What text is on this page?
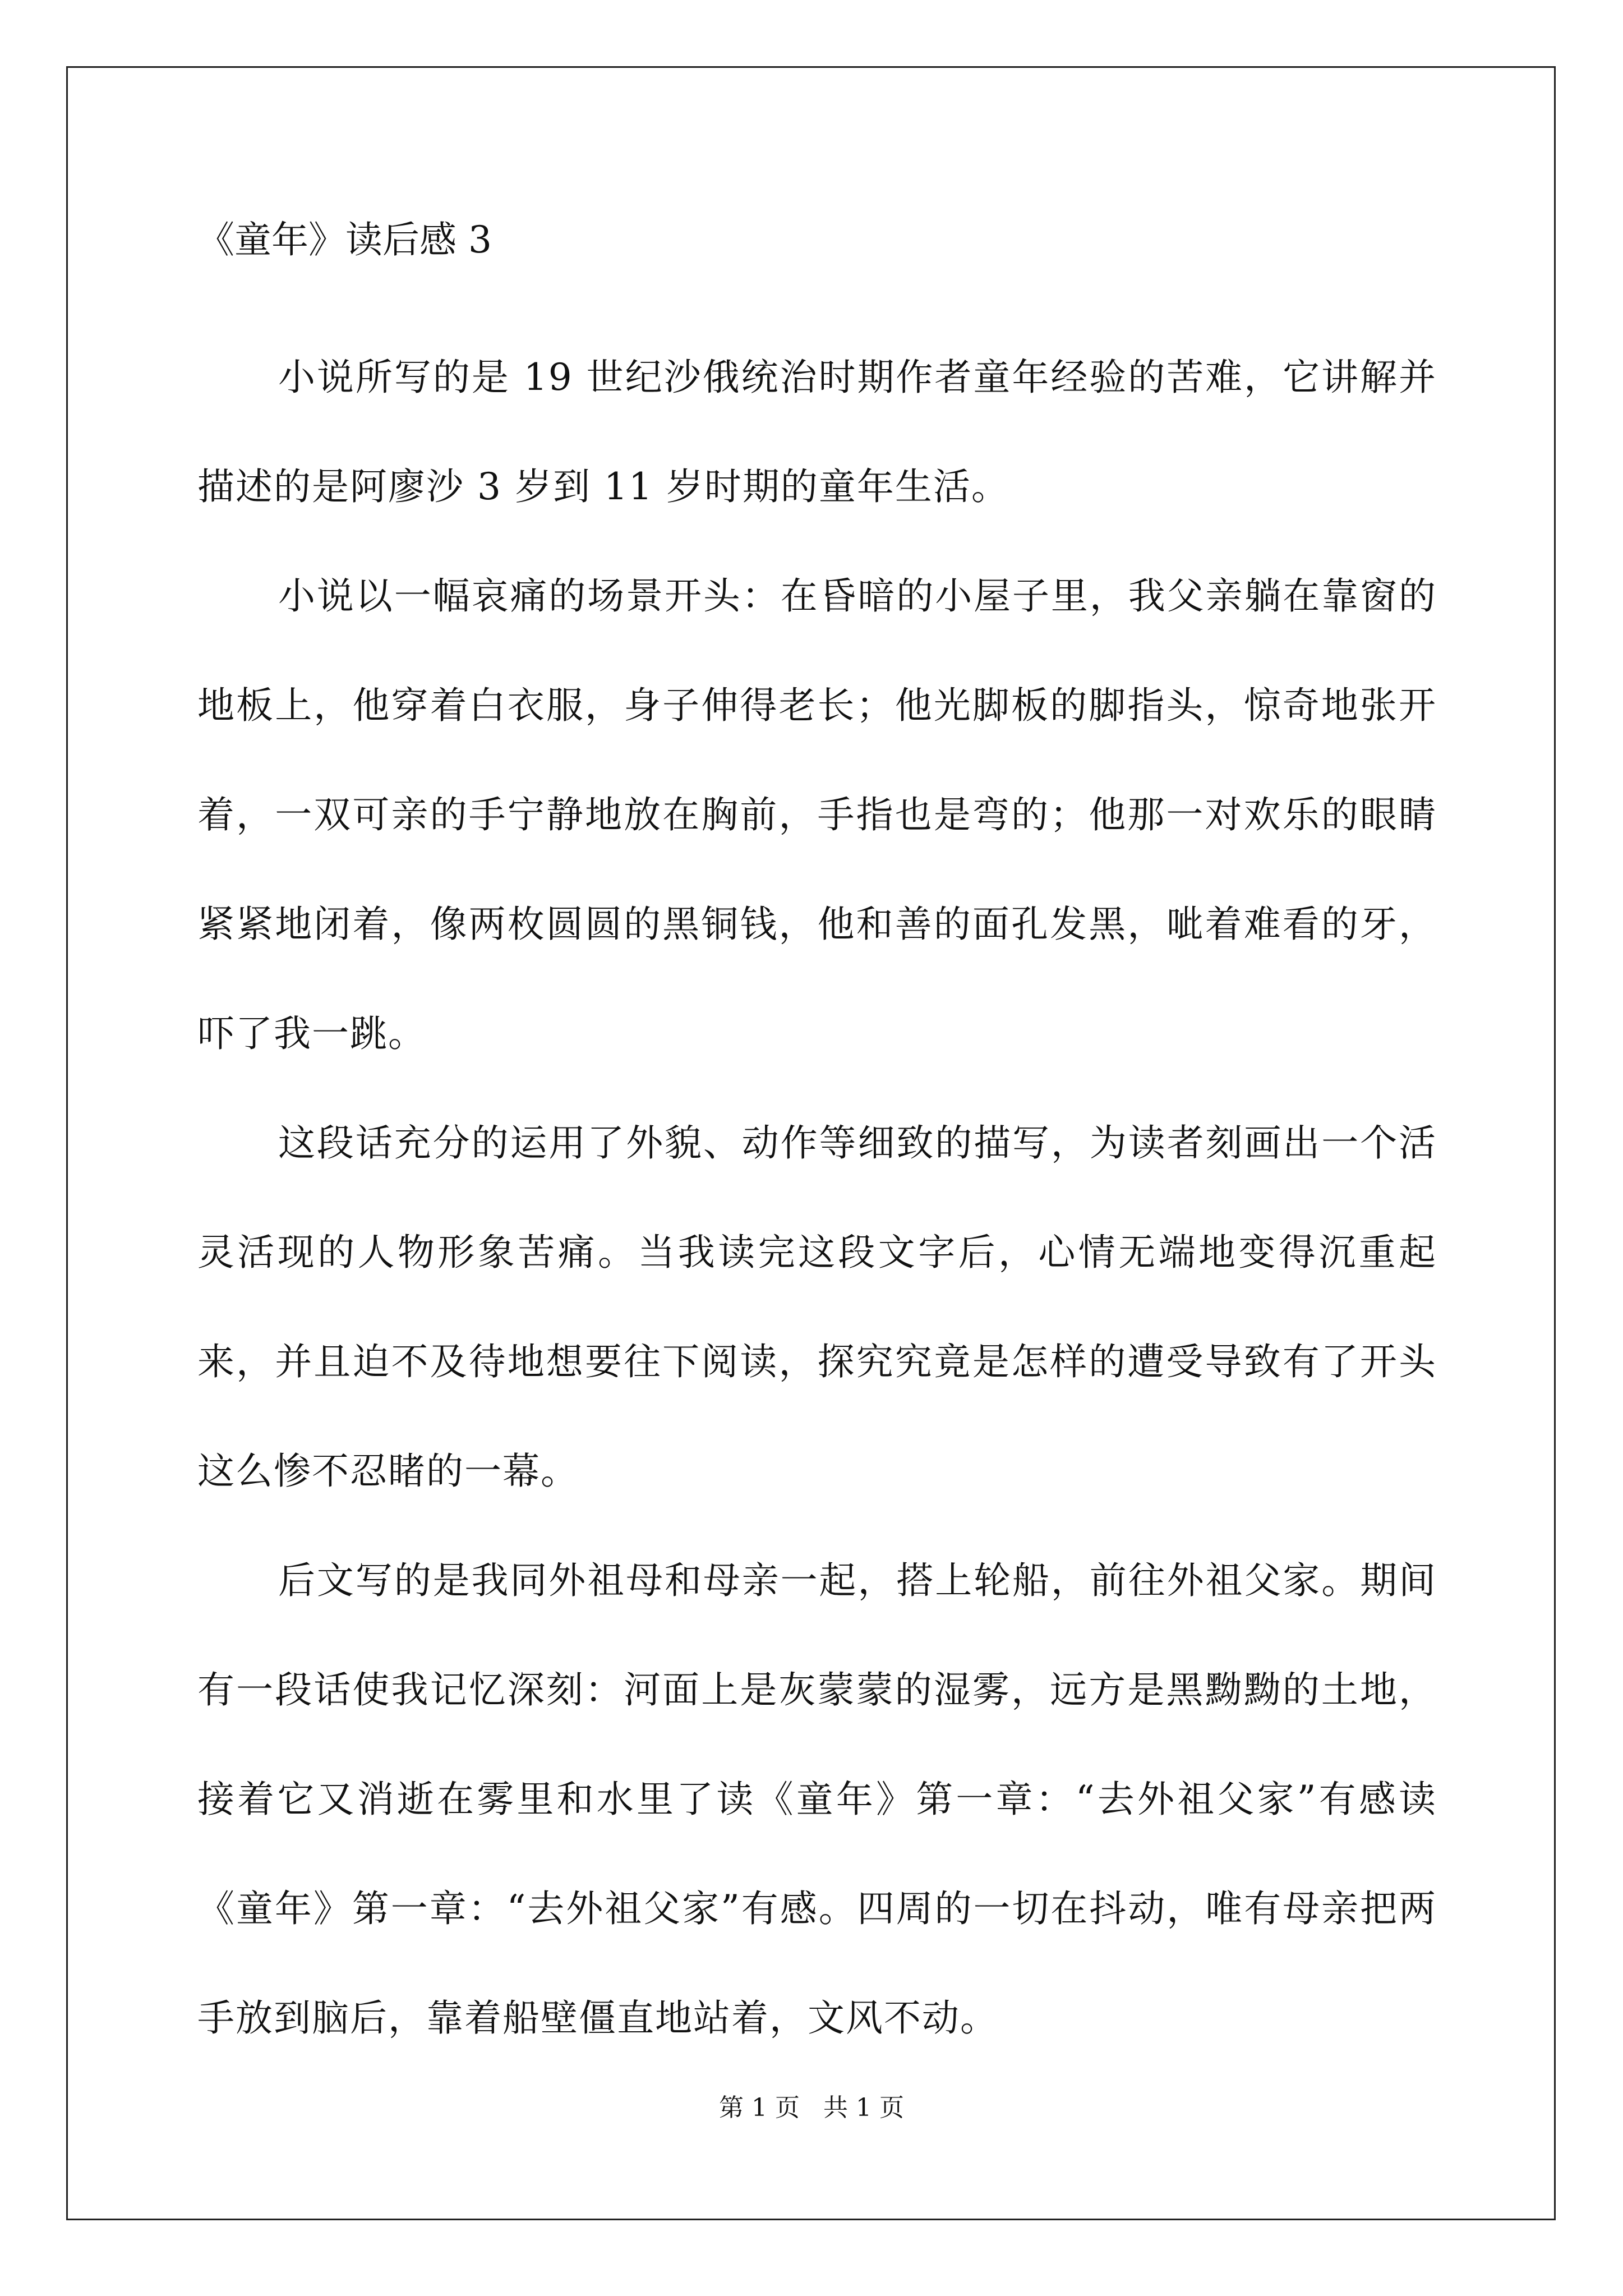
《童年》读后感 3

小说所写的是 19 世纪沙俄统治时期作者童年经验的苦难，它讲解并描述的是阿廖沙 3 岁到 11 岁时期的童年生活。

小说以一幅哀痛的场景开头：在昏暗的小屋子里，我父亲躺在靠窗的地板上，他穿着白衣服，身子伸得老长；他光脚板的脚指头，惊奇地张开着，一双可亲的手宁静地放在胸前，手指也是弯的；他那一对欢乐的眼睛紧紧地闭着，像两枚圆圆的黑铜钱，他和善的面孔发黑，呲着难看的牙，吓了我一跳。

这段话充分的运用了外貌、动作等细致的描写，为读者刻画出一个活灵活现的人物形象苦痛。当我读完这段文字后，心情无端地变得沉重起来，并且迫不及待地想要往下阅读，探究究竟是怎样的遭受导致有了开头这么惨不忍睹的一幕。

后文写的是我同外祖母和母亲一起，搭上轮船，前往外祖父家。期间有一段话使我记忆深刻：河面上是灰蒙蒙的湿雾，远方是黑黝黝的土地，接着它又消逝在雾里和水里了读《童年》第一章：“去外祖父家”有感读《童年》第一章：“去外祖父家”有感。四周的一切在抖动，唯有母亲把两手放到脑后，靠着船壁僵直地站着，文风不动。

第 1 页   共 1 页
